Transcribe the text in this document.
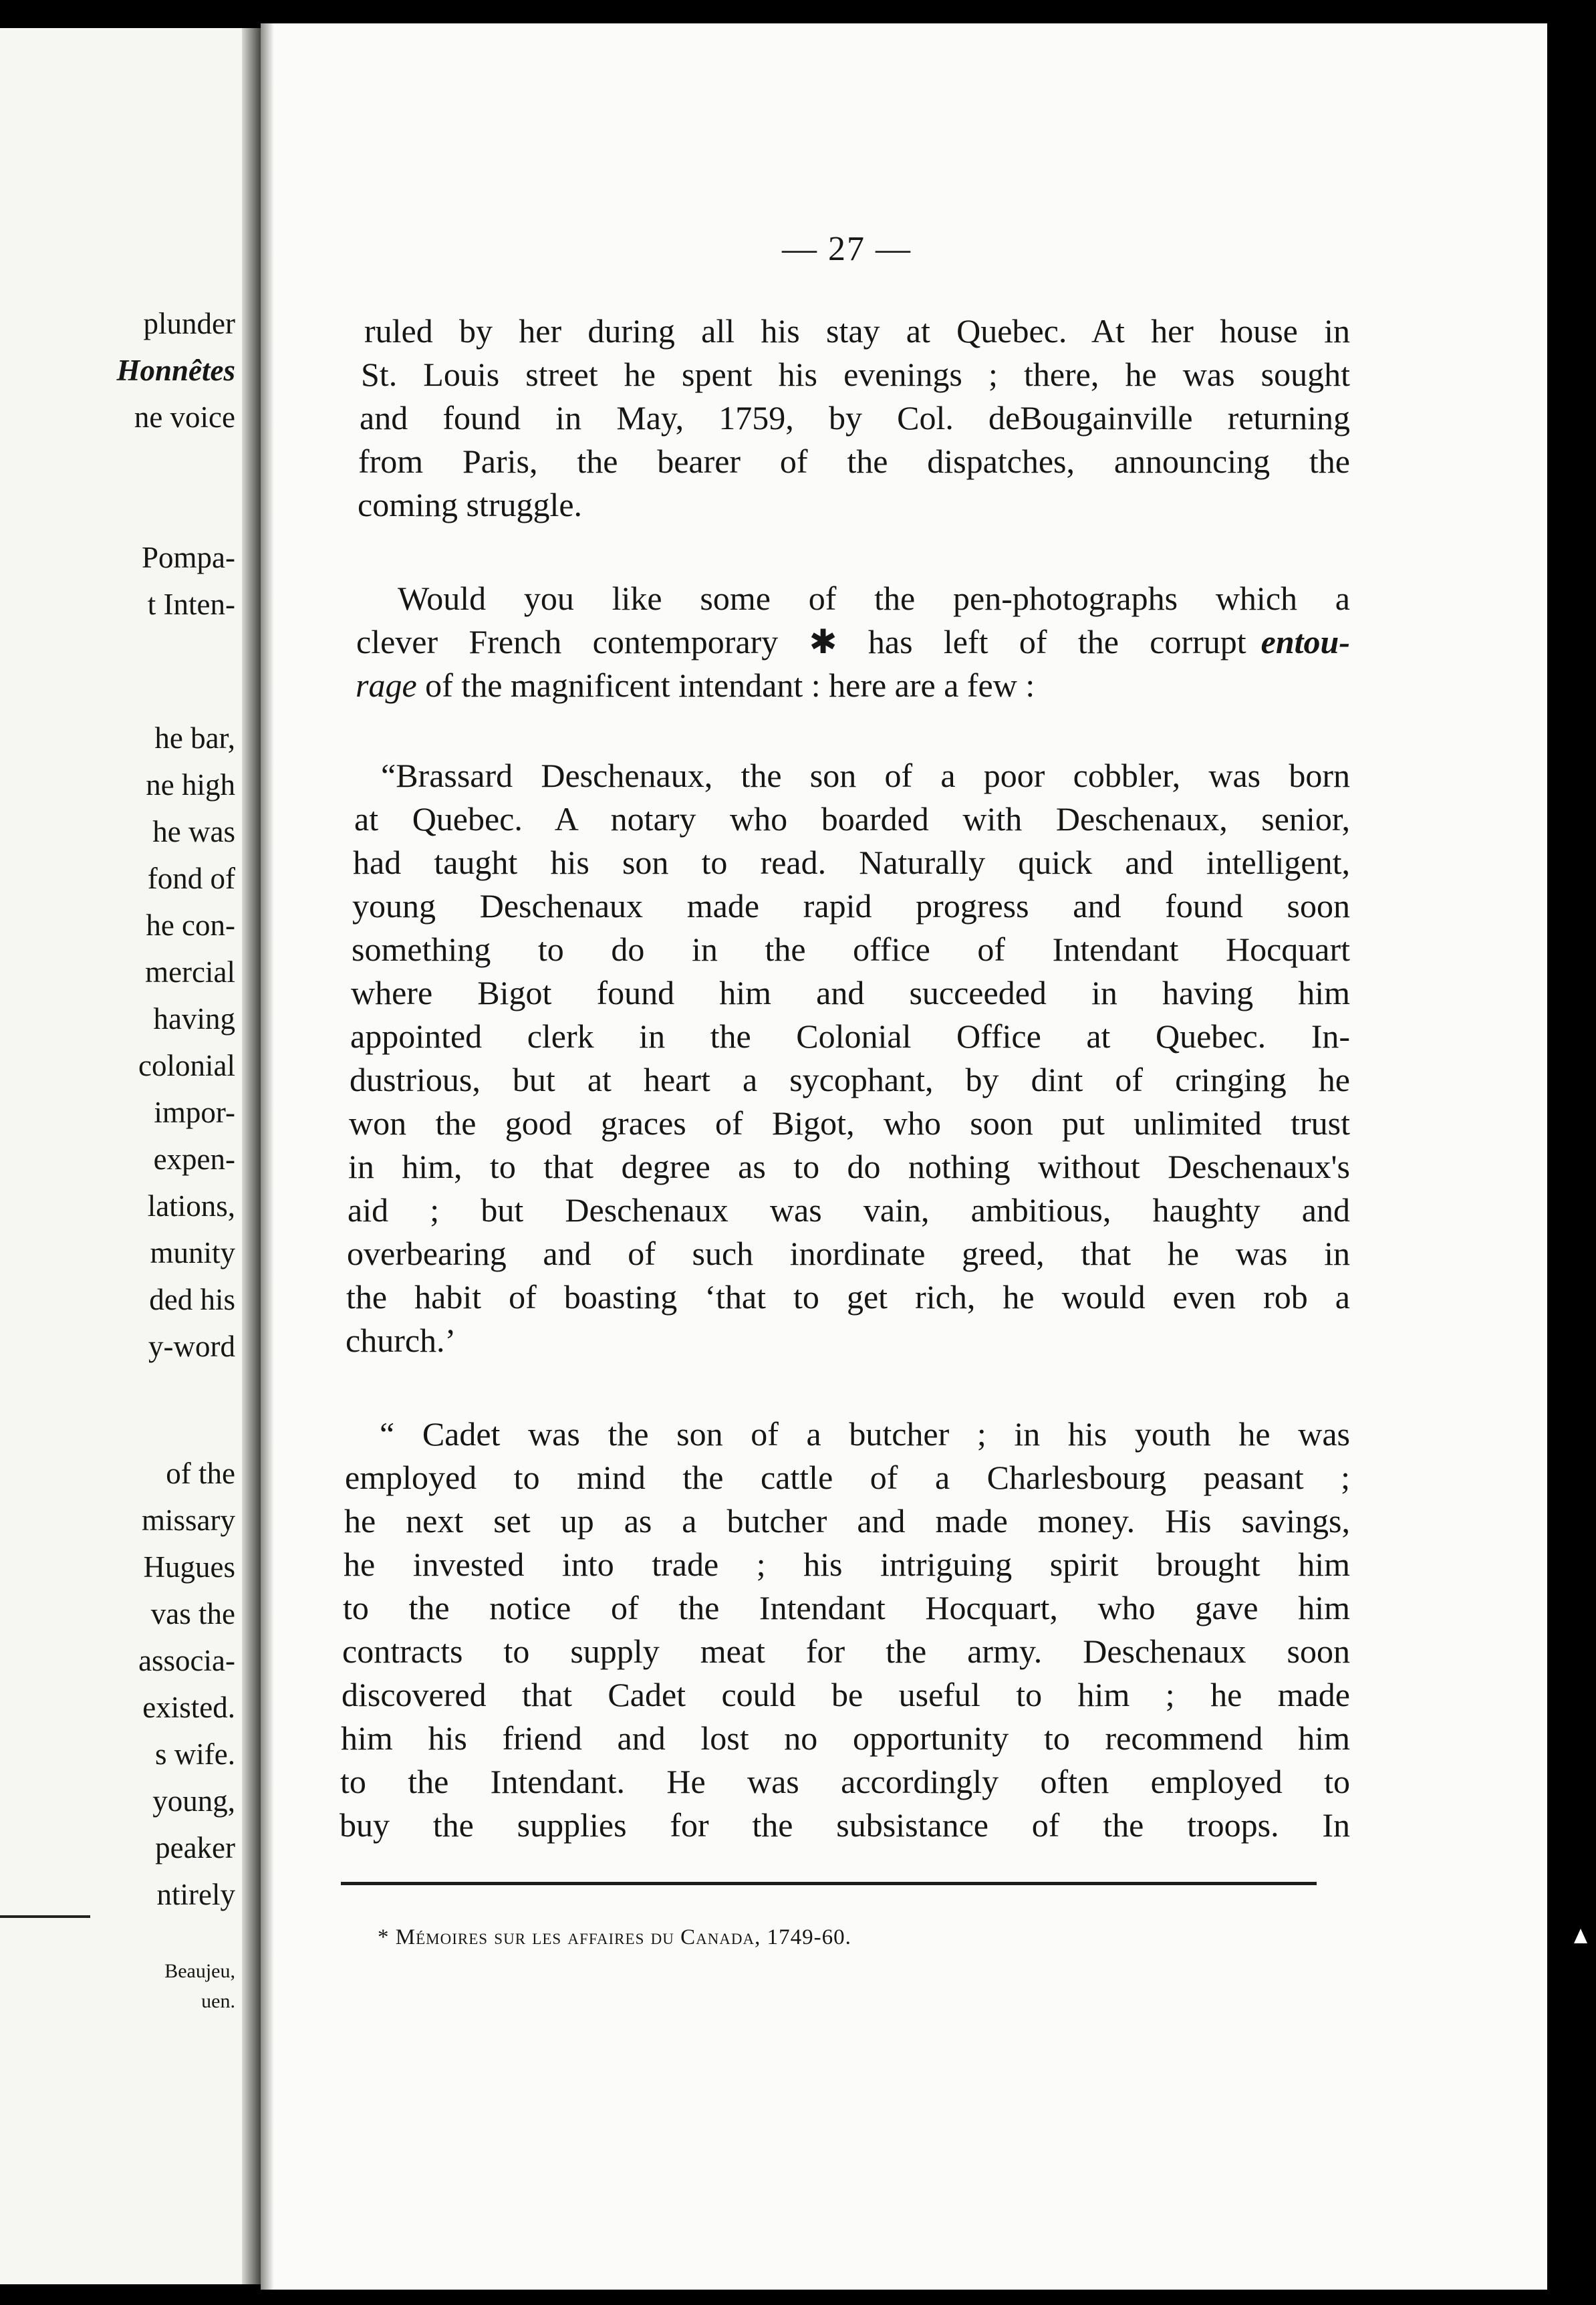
plunder
Honnêtes
ne voice
Pompa-
t Inten-
he bar,
ne high
he was
fond of
he con-
mercial
having
colonial
impor-
expen-
lations,
munity
ded his
y-word
of the
missary
Hugues
vas the
associa-
existed.
s wife.
young,
peaker
ntirely
Beaujeu,
uen.
— 27 —
ruled by her during all his stay at Quebec. At her house in
St. Louis street he spent his evenings ; there, he was sought
and found in May, 1759, by Col. deBougainville returning
from Paris, the bearer of the dispatches, announcing the
coming struggle.
Would you like some of the pen-photographs which a
clever French contemporary ✱ has left of the corrupt entou-
rage of the magnificent intendant : here are a few :
“Brassard Deschenaux, the son of a poor cobbler, was born
at Quebec. A notary who boarded with Deschenaux, senior,
had taught his son to read. Naturally quick and intelligent,
young Deschenaux made rapid progress and found soon
something to do in the office of Intendant Hocquart
where Bigot found him and succeeded in having him
appointed clerk in the Colonial Office at Quebec. In-
dustrious, but at heart a sycophant, by dint of cringing he
won the good graces of Bigot, who soon put unlimited trust
in him, to that degree as to do nothing without Deschenaux's
aid ; but Deschenaux was vain, ambitious, haughty and
overbearing and of such inordinate greed, that he was in
the habit of boasting ‘that to get rich, he would even rob a
church.’
“ Cadet was the son of a butcher ; in his youth he was
employed to mind the cattle of a Charlesbourg peasant ;
he next set up as a butcher and made money. His savings,
he invested into trade ; his intriguing spirit brought him
to the notice of the Intendant Hocquart, who gave him
contracts to supply meat for the army. Deschenaux soon
discovered that Cadet could be useful to him ; he made
him his friend and lost no opportunity to recommend him
to the Intendant. He was accordingly often employed to
buy the supplies for the subsistance of the troops. In
* Mémoires sur les affaires du Canada, 1749-60.
